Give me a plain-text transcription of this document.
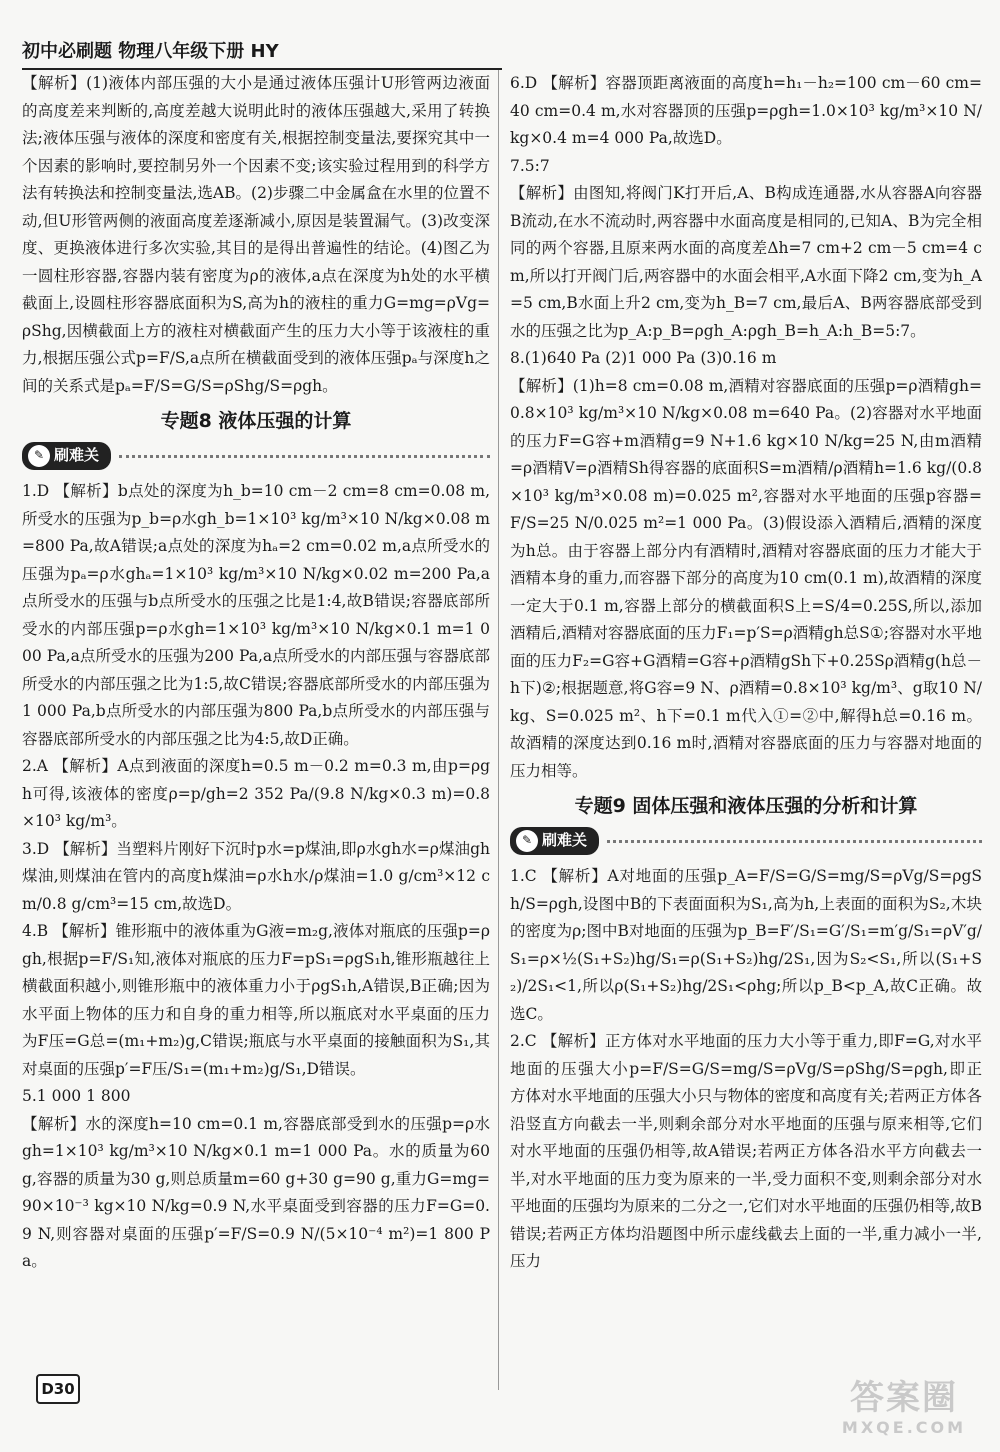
初中必刷题 物理八年级下册 HY

【解析】(1)液体内部压强的大小是通过液体压强计U形管两边液面的高度差来判断的,高度差越大说明此时的液体压强越大,采用了转换法;液体压强与液体的深度和密度有关,根据控制变量法,要探究其中一个因素的影响时,要控制另外一个因素不变;该实验过程用到的科学方法有转换法和控制变量法,选AB。(2)步骤二中金属盒在水里的位置不动,但U形管两侧的液面高度差逐渐减小,原因是装置漏气。(3)改变深度、更换液体进行多次实验,其目的是得出普遍性的结论。(4)图乙为一圆柱形容器,容器内装有密度为ρ的液体,a点在深度为h处的水平横截面上,设圆柱形容器底面积为S,高为h的液柱的重力G=mg=ρVg=ρShg,因横截面上方的液柱对横截面产生的压力大小等于该液柱的重力,根据压强公式p=F/S,a点所在横截面受到的液体压强pₐ与深度h之间的关系式是pₐ=F/S=G/S=ρShg/S=ρgh。

专题8 液体压强的计算
✎ 刷难关

1.D 【解析】b点处的深度为h_b=10 cm－2 cm=8 cm=0.08 m,所受水的压强为p_b=ρ水gh_b=1×10³ kg/m³×10 N/kg×0.08 m=800 Pa,故A错误;a点处的深度为hₐ=2 cm=0.02 m,a点所受水的压强为pₐ=ρ水ghₐ=1×10³ kg/m³×10 N/kg×0.02 m=200 Pa,a点所受水的压强与b点所受水的压强之比是1:4,故B错误;容器底部所受水的内部压强p=ρ水gh=1×10³ kg/m³×10 N/kg×0.1 m=1 000 Pa,a点所受水的压强为200 Pa,a点所受水的内部压强与容器底部所受水的内部压强之比为1:5,故C错误;容器底部所受水的内部压强为1 000 Pa,b点所受水的内部压强为800 Pa,b点所受水的内部压强与容器底部所受水的内部压强之比为4:5,故D正确。

2.A 【解析】A点到液面的深度h=0.5 m－0.2 m=0.3 m,由p=ρgh可得,该液体的密度ρ=p/gh=2 352 Pa/(9.8 N/kg×0.3 m)=0.8×10³ kg/m³。

3.D 【解析】当塑料片刚好下沉时p水=p煤油,即ρ水gh水=ρ煤油gh煤油,则煤油在管内的高度h煤油=ρ水h水/ρ煤油=1.0 g/cm³×12 cm/0.8 g/cm³=15 cm,故选D。

4.B 【解析】锥形瓶中的液体重为G液=m₂g,液体对瓶底的压强p=ρgh,根据p=F/S₁知,液体对瓶底的压力F=pS₁=ρgS₁h,锥形瓶越往上横截面积越小,则锥形瓶中的液体重力小于ρgS₁h,A错误,B正确;因为水平面上物体的压力和自身的重力相等,所以瓶底对水平桌面的压力为F压=G总=(m₁+m₂)g,C错误;瓶底与水平桌面的接触面积为S₁,其对桌面的压强p′=F压/S₁=(m₁+m₂)g/S₁,D错误。

5.1 000 1 800

【解析】水的深度h=10 cm=0.1 m,容器底部受到水的压强p=ρ水gh=1×10³ kg/m³×10 N/kg×0.1 m=1 000 Pa。水的质量为60 g,容器的质量为30 g,则总质量m=60 g+30 g=90 g,重力G=mg=90×10⁻³ kg×10 N/kg=0.9 N,水平桌面受到容器的压力F=G=0.9 N,则容器对桌面的压强p′=F/S=0.9 N/(5×10⁻⁴ m²)=1 800 Pa。

6.D 【解析】容器顶距离液面的高度h=h₁－h₂=100 cm－60 cm=40 cm=0.4 m,水对容器顶的压强p=ρgh=1.0×10³ kg/m³×10 N/kg×0.4 m=4 000 Pa,故选D。

7.5:7

【解析】由图知,将阀门K打开后,A、B构成连通器,水从容器A向容器B流动,在水不流动时,两容器中水面高度是相同的,已知A、B为完全相同的两个容器,且原来两水面的高度差Δh=7 cm+2 cm－5 cm=4 cm,所以打开阀门后,两容器中的水面会相平,A水面下降2 cm,变为h_A=5 cm,B水面上升2 cm,变为h_B=7 cm,最后A、B两容器底部受到水的压强之比为p_A:p_B=ρgh_A:ρgh_B=h_A:h_B=5:7。

8.(1)640 Pa (2)1 000 Pa (3)0.16 m

【解析】(1)h=8 cm=0.08 m,酒精对容器底面的压强p=ρ酒精gh=0.8×10³ kg/m³×10 N/kg×0.08 m=640 Pa。(2)容器对水平地面的压力F=G容+m酒精g=9 N+1.6 kg×10 N/kg=25 N,由m酒精=ρ酒精V=ρ酒精Sh得容器的底面积S=m酒精/ρ酒精h=1.6 kg/(0.8×10³ kg/m³×0.08 m)=0.025 m²,容器对水平地面的压强p容器=F/S=25 N/0.025 m²=1 000 Pa。(3)假设添入酒精后,酒精的深度为h总。由于容器上部分内有酒精时,酒精对容器底面的压力才能大于酒精本身的重力,而容器下部分的高度为10 cm(0.1 m),故酒精的深度一定大于0.1 m,容器上部分的横截面积S上=S/4=0.25S,所以,添加酒精后,酒精对容器底面的压力F₁=p′S=ρ酒精gh总S①;容器对水平地面的压力F₂=G容+G酒精=G容+ρ酒精gSh下+0.25Sρ酒精g(h总－h下)②;根据题意,将G容=9 N、ρ酒精=0.8×10³ kg/m³、g取10 N/kg、S=0.025 m²、h下=0.1 m代入①=②中,解得h总=0.16 m。故酒精的深度达到0.16 m时,酒精对容器底面的压力与容器对地面的压力相等。

专题9 固体压强和液体压强的分析和计算
✎ 刷难关

1.C 【解析】A对地面的压强p_A=F/S=G/S=mg/S=ρVg/S=ρgSh/S=ρgh,设图中B的下表面面积为S₁,高为h,上表面的面积为S₂,木块的密度为ρ;图中B对地面的压强为p_B=F′/S₁=G′/S₁=m′g/S₁=ρV′g/S₁=ρ×½(S₁+S₂)hg/S₁=ρ(S₁+S₂)hg/2S₁,因为S₂<S₁,所以(S₁+S₂)/2S₁<1,所以ρ(S₁+S₂)hg/2S₁<ρhg;所以p_B<p_A,故C正确。故选C。

2.C 【解析】正方体对水平地面的压力大小等于重力,即F=G,对水平地面的压强大小p=F/S=G/S=mg/S=ρVg/S=ρShg/S=ρgh,即正方体对水平地面的压强大小只与物体的密度和高度有关;若两正方体各沿竖直方向截去一半,则剩余部分对水平地面的压强与原来相等,它们对水平地面的压强仍相等,故A错误;若两正方体各沿水平方向截去一半,对水平地面的压力变为原来的一半,受力面积不变,则剩余部分对水平地面的压强均为原来的二分之一,它们对水平地面的压强仍相等,故B错误;若两正方体均沿题图中所示虚线截去上面的一半,重力减小一半,压力

D30	答案圈
MXQE.COM
